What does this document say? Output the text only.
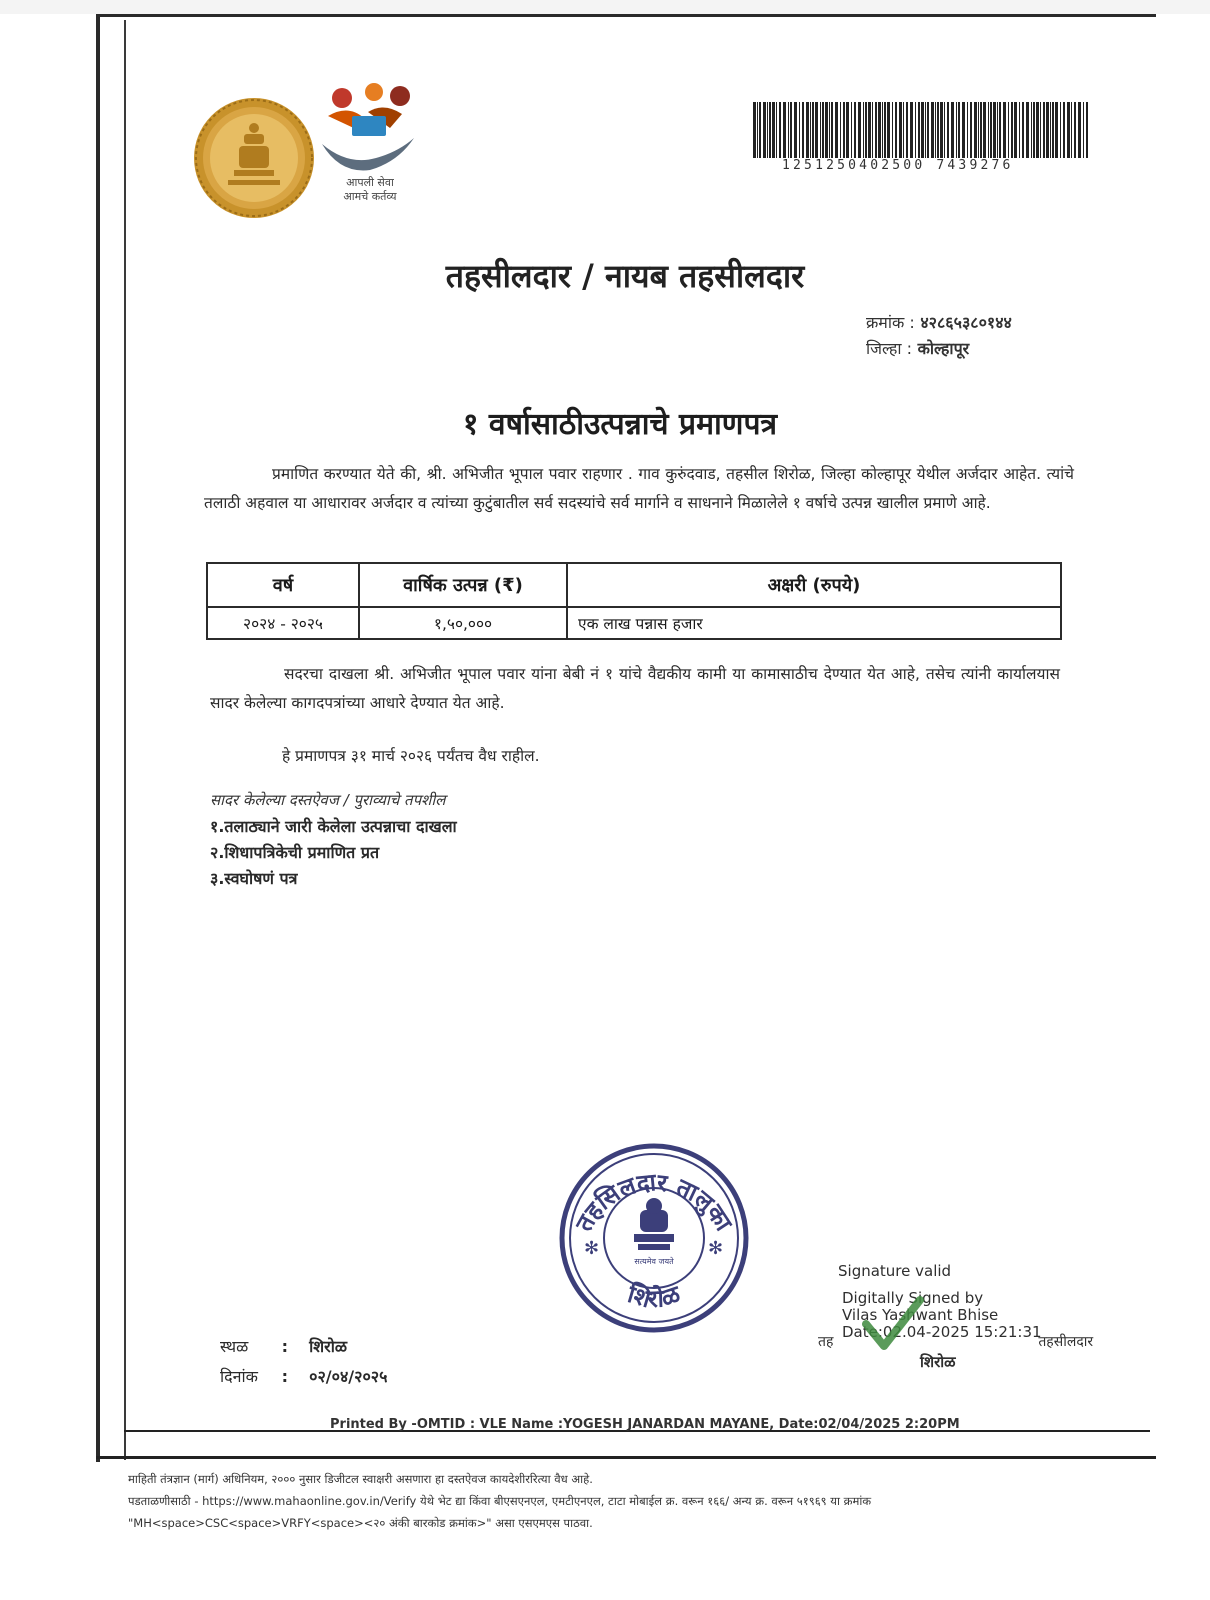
आपली सेवा
आमचे कर्तव्य
1251250402500 7439276
तहसीलदार / नायब तहसीलदार
क्रमांक : ४२८६५३८०१४४
जिल्हा : कोल्हापूर
१ वर्षासाठीउत्पन्नाचे प्रमाणपत्र
प्रमाणित करण्यात येते की, श्री. अभिजीत भूपाल पवार राहणार . गाव कुरुंदवाड, तहसील शिरोळ, जिल्हा कोल्हापूर येथील अर्जदार आहेत. त्यांचे तलाठी अहवाल या आधारावर अर्जदार व त्यांच्या कुटुंबातील सर्व सदस्यांचे सर्व मार्गाने व साधनाने मिळालेले १ वर्षाचे उत्पन्न खालील प्रमाणे आहे.
वर्ष	वार्षिक उत्पन्न (₹)	अक्षरी (रुपये)
२०२४ - २०२५	१,५०,०००	एक लाख पन्नास हजार
सदरचा दाखला श्री. अभिजीत भूपाल पवार यांना बेबी नं १ यांचे वैद्यकीय कामी या कामासाठीच देण्यात येत आहे, तसेच त्यांनी कार्यालयास सादर केलेल्या कागदपत्रांच्या आधारे देण्यात येत आहे.
हे प्रमाणपत्र ३१ मार्च २०२६ पर्यंतच वैध राहील.
सादर केलेल्या दस्तऐवज / पुराव्याचे तपशील
१.तलाठ्याने जारी केलेला उत्पन्नाचा दाखला
२.शिधापत्रिकेची प्रमाणित प्रत
३.स्वघोषणं पत्र
तहसिलदार तालुका
शिरोळ
सत्यमेव जयते
✻	✻
Signature valid
Digitally Signed by
Vilas Yashwant Bhise
Date:02.04-2025 15:21:31
तह	तहसीलदार
शिरोळ
स्थळ : शिरोळ
दिनांक : ०२/०४/२०२५
Printed By -OMTID : VLE Name :YOGESH JANARDAN MAYANE, Date:02/04/2025 2:20PM
माहिती तंत्रज्ञान (मार्ग) अधिनियम, २००० नुसार डिजीटल स्वाक्षरी असणारा हा दस्तऐवज कायदेशीररित्या वैध आहे.
पडताळणीसाठी - https://www.mahaonline.gov.in/Verify येथे भेट द्या किंवा बीएसएनएल, एमटीएनएल, टाटा मोबाईल क्र. वरून १६६/ अन्य क्र. वरून ५१९६९ या क्रमांक
"MH<space>CSC<space>VRFY<space><२० अंकी बारकोड क्रमांक>" असा एसएमएस पाठवा.
